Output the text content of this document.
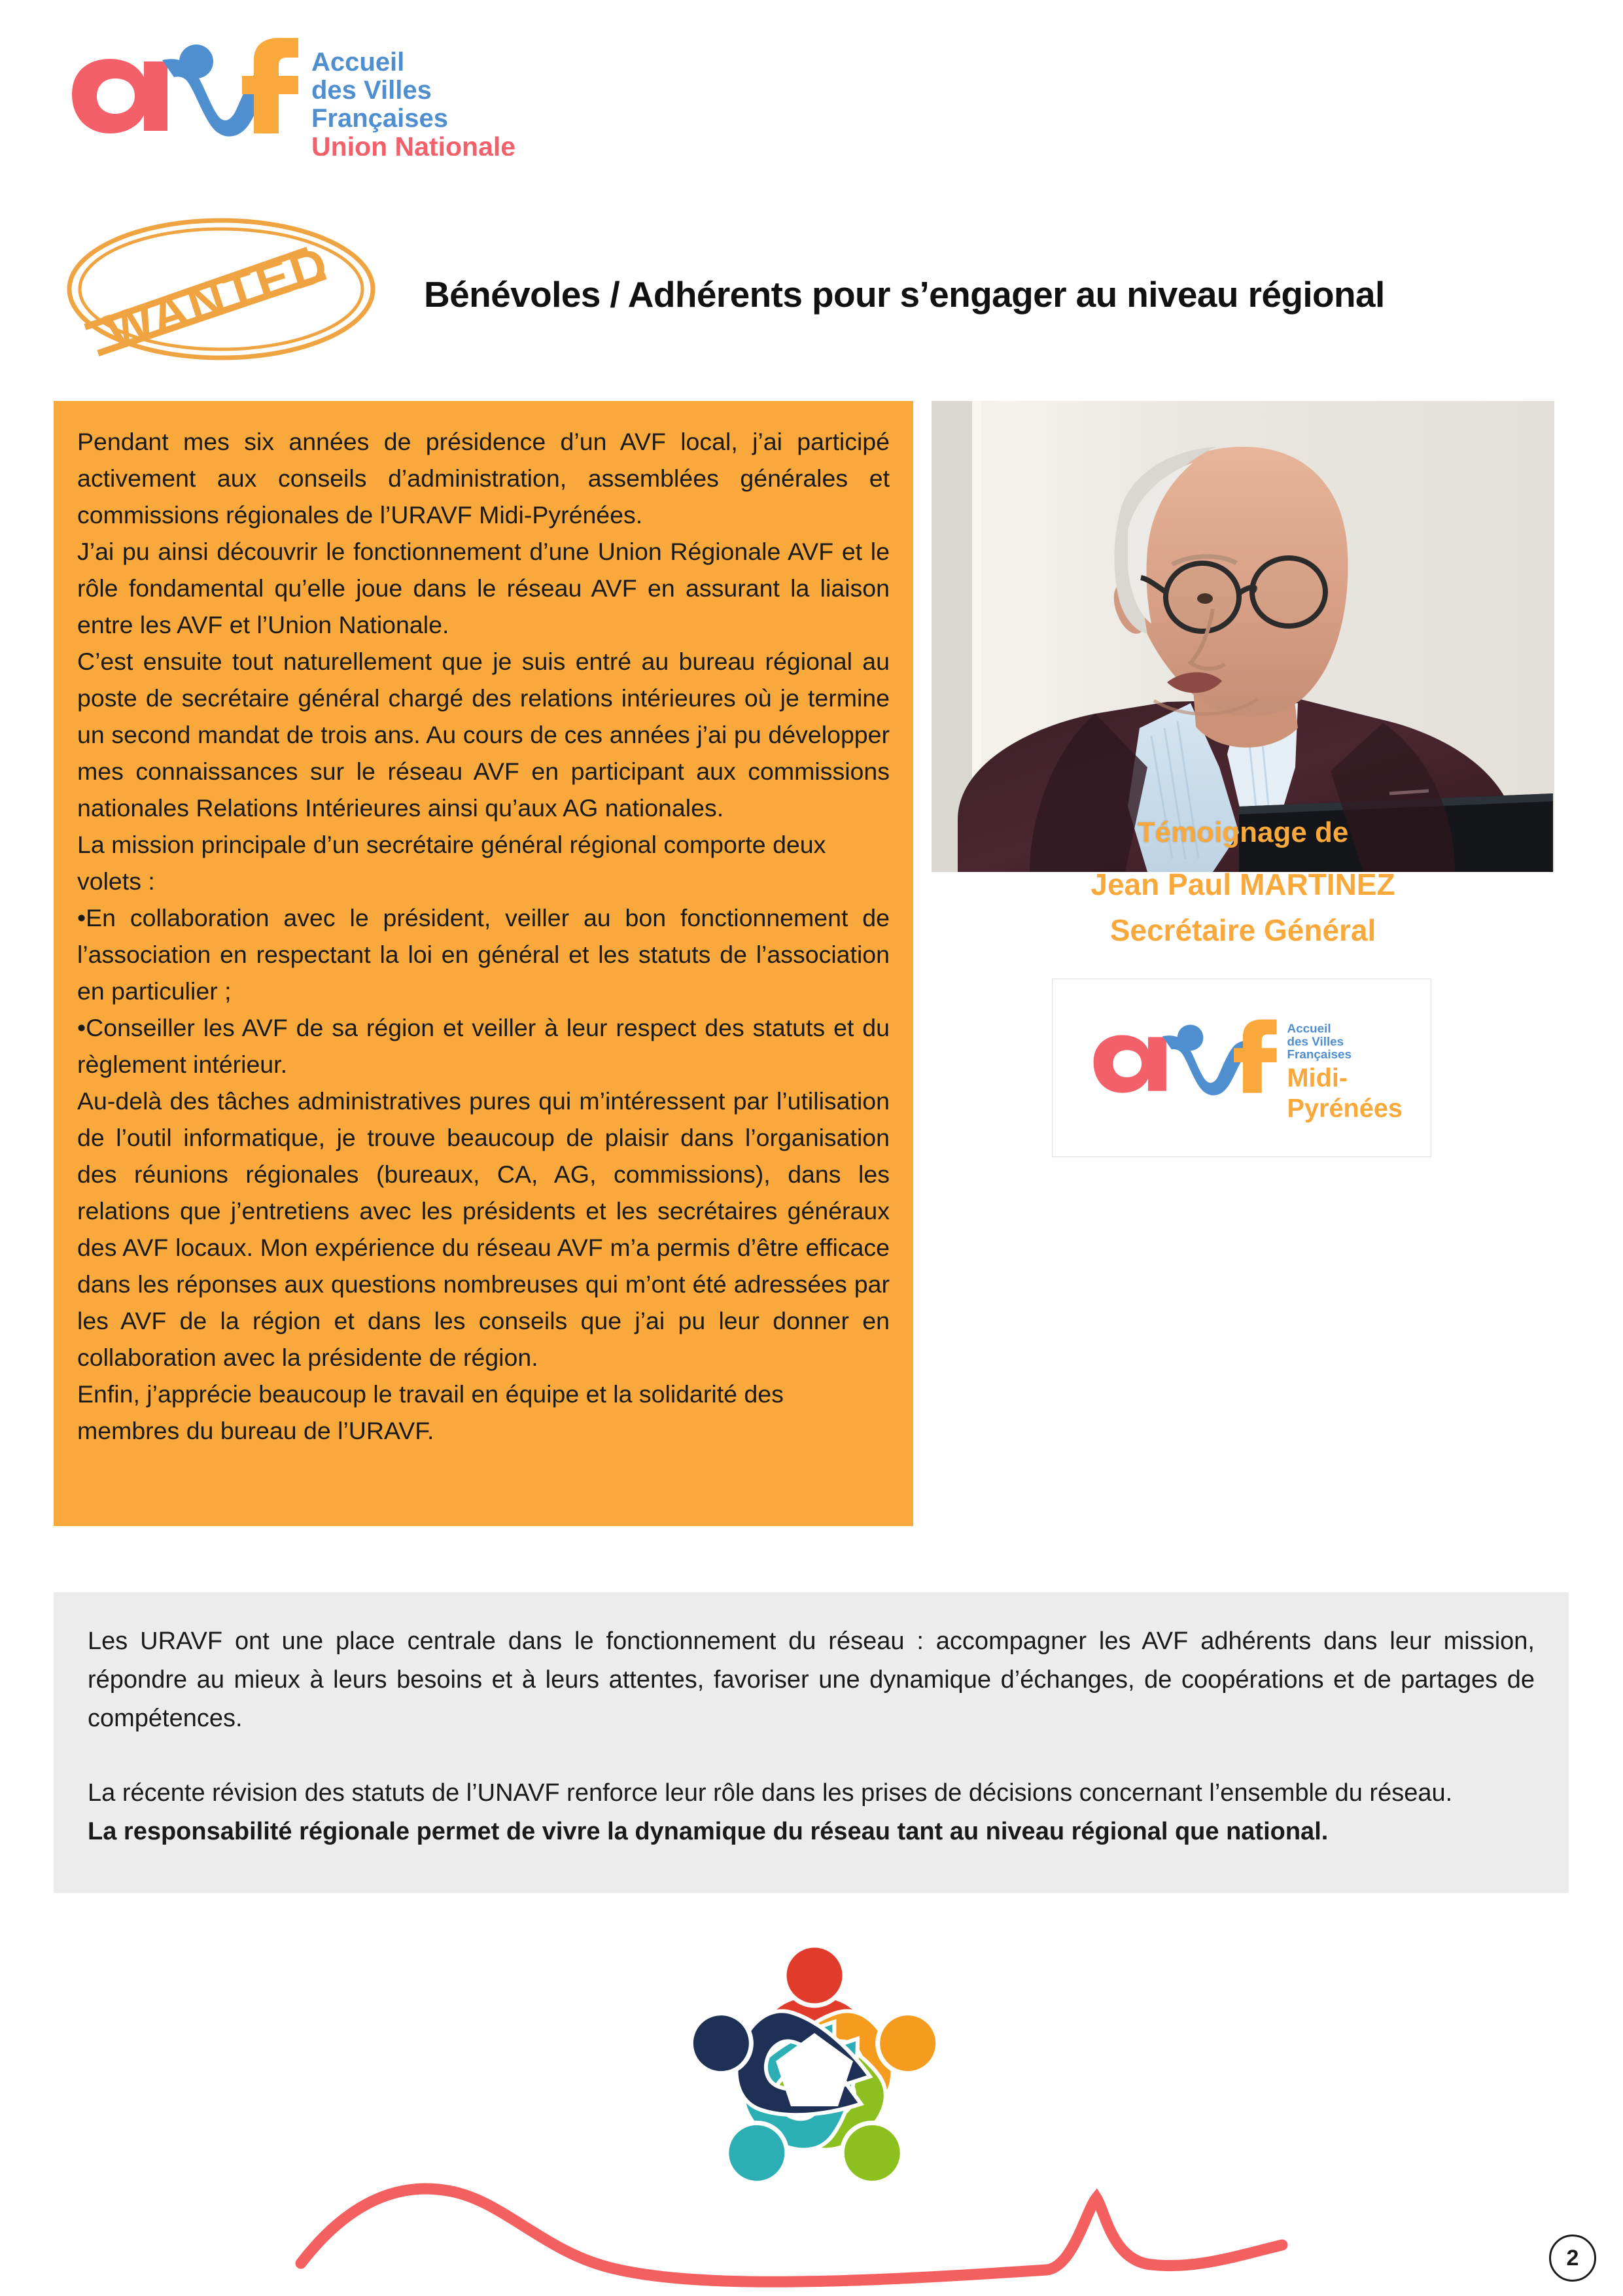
Accueil
des Villes
Françaises
Union Nationale
WANTED Bénévoles / Adhérents pour s’engager au niveau régional

Pendant mes six années de présidence d’un AVF local, j’ai participé activement aux conseils d’administration, assemblées générales et commissions régionales de l’URAVF Midi-Pyrénées.

J’ai pu ainsi découvrir le fonctionnement d’une Union Régionale AVF et le rôle fondamental qu’elle joue dans le réseau AVF en assurant la liaison entre les AVF et l’Union Nationale.

C’est ensuite tout naturellement que je suis entré au bureau régional au poste de secrétaire général chargé des relations intérieures où je termine un second mandat de trois ans. Au cours de ces années j’ai pu développer mes connaissances sur le réseau AVF en participant aux commissions nationales Relations Intérieures ainsi qu’aux AG nationales.

La mission principale d’un secrétaire général régional comporte deux volets :

•En collaboration avec le président, veiller au bon fonctionnement de l’association en respectant la loi en général et les statuts de l’association en particulier ;

•Conseiller les AVF de sa région et veiller à leur respect des statuts et du règlement intérieur.

Au-delà des tâches administratives pures qui m’intéressent par l’utilisation de l’outil informatique, je trouve beaucoup de plaisir dans l’organisation des réunions régionales (bureaux, CA, AG, commissions), dans les relations que j’entretiens avec les présidents et les secrétaires généraux des AVF locaux. Mon expérience du réseau AVF m’a permis d’être efficace dans les réponses aux questions nombreuses qui m’ont été adressées par les AVF de la région et dans les conseils que j’ai pu leur donner en collaboration avec la présidente de région.

Enfin, j’apprécie beaucoup le travail en équipe et la solidarité des membres du bureau de l’URAVF.

Témoignage de
Jean Paul MARTINEZ
Secrétaire Général
Accueil
des Villes
Françaises
Midi-
Pyrénées

Les URAVF ont une place centrale dans le fonctionnement du réseau : accompagner les AVF adhérents dans leur mission, répondre au mieux à leurs besoins et à leurs attentes, favoriser une dynamique d’échanges, de coopérations et de partages de compétences.

La récente révision des statuts de l’UNAVF renforce leur rôle dans les prises de décisions concernant l’ensemble du réseau.

La responsabilité régionale permet de vivre la dynamique du réseau tant au niveau régional que national.

2
